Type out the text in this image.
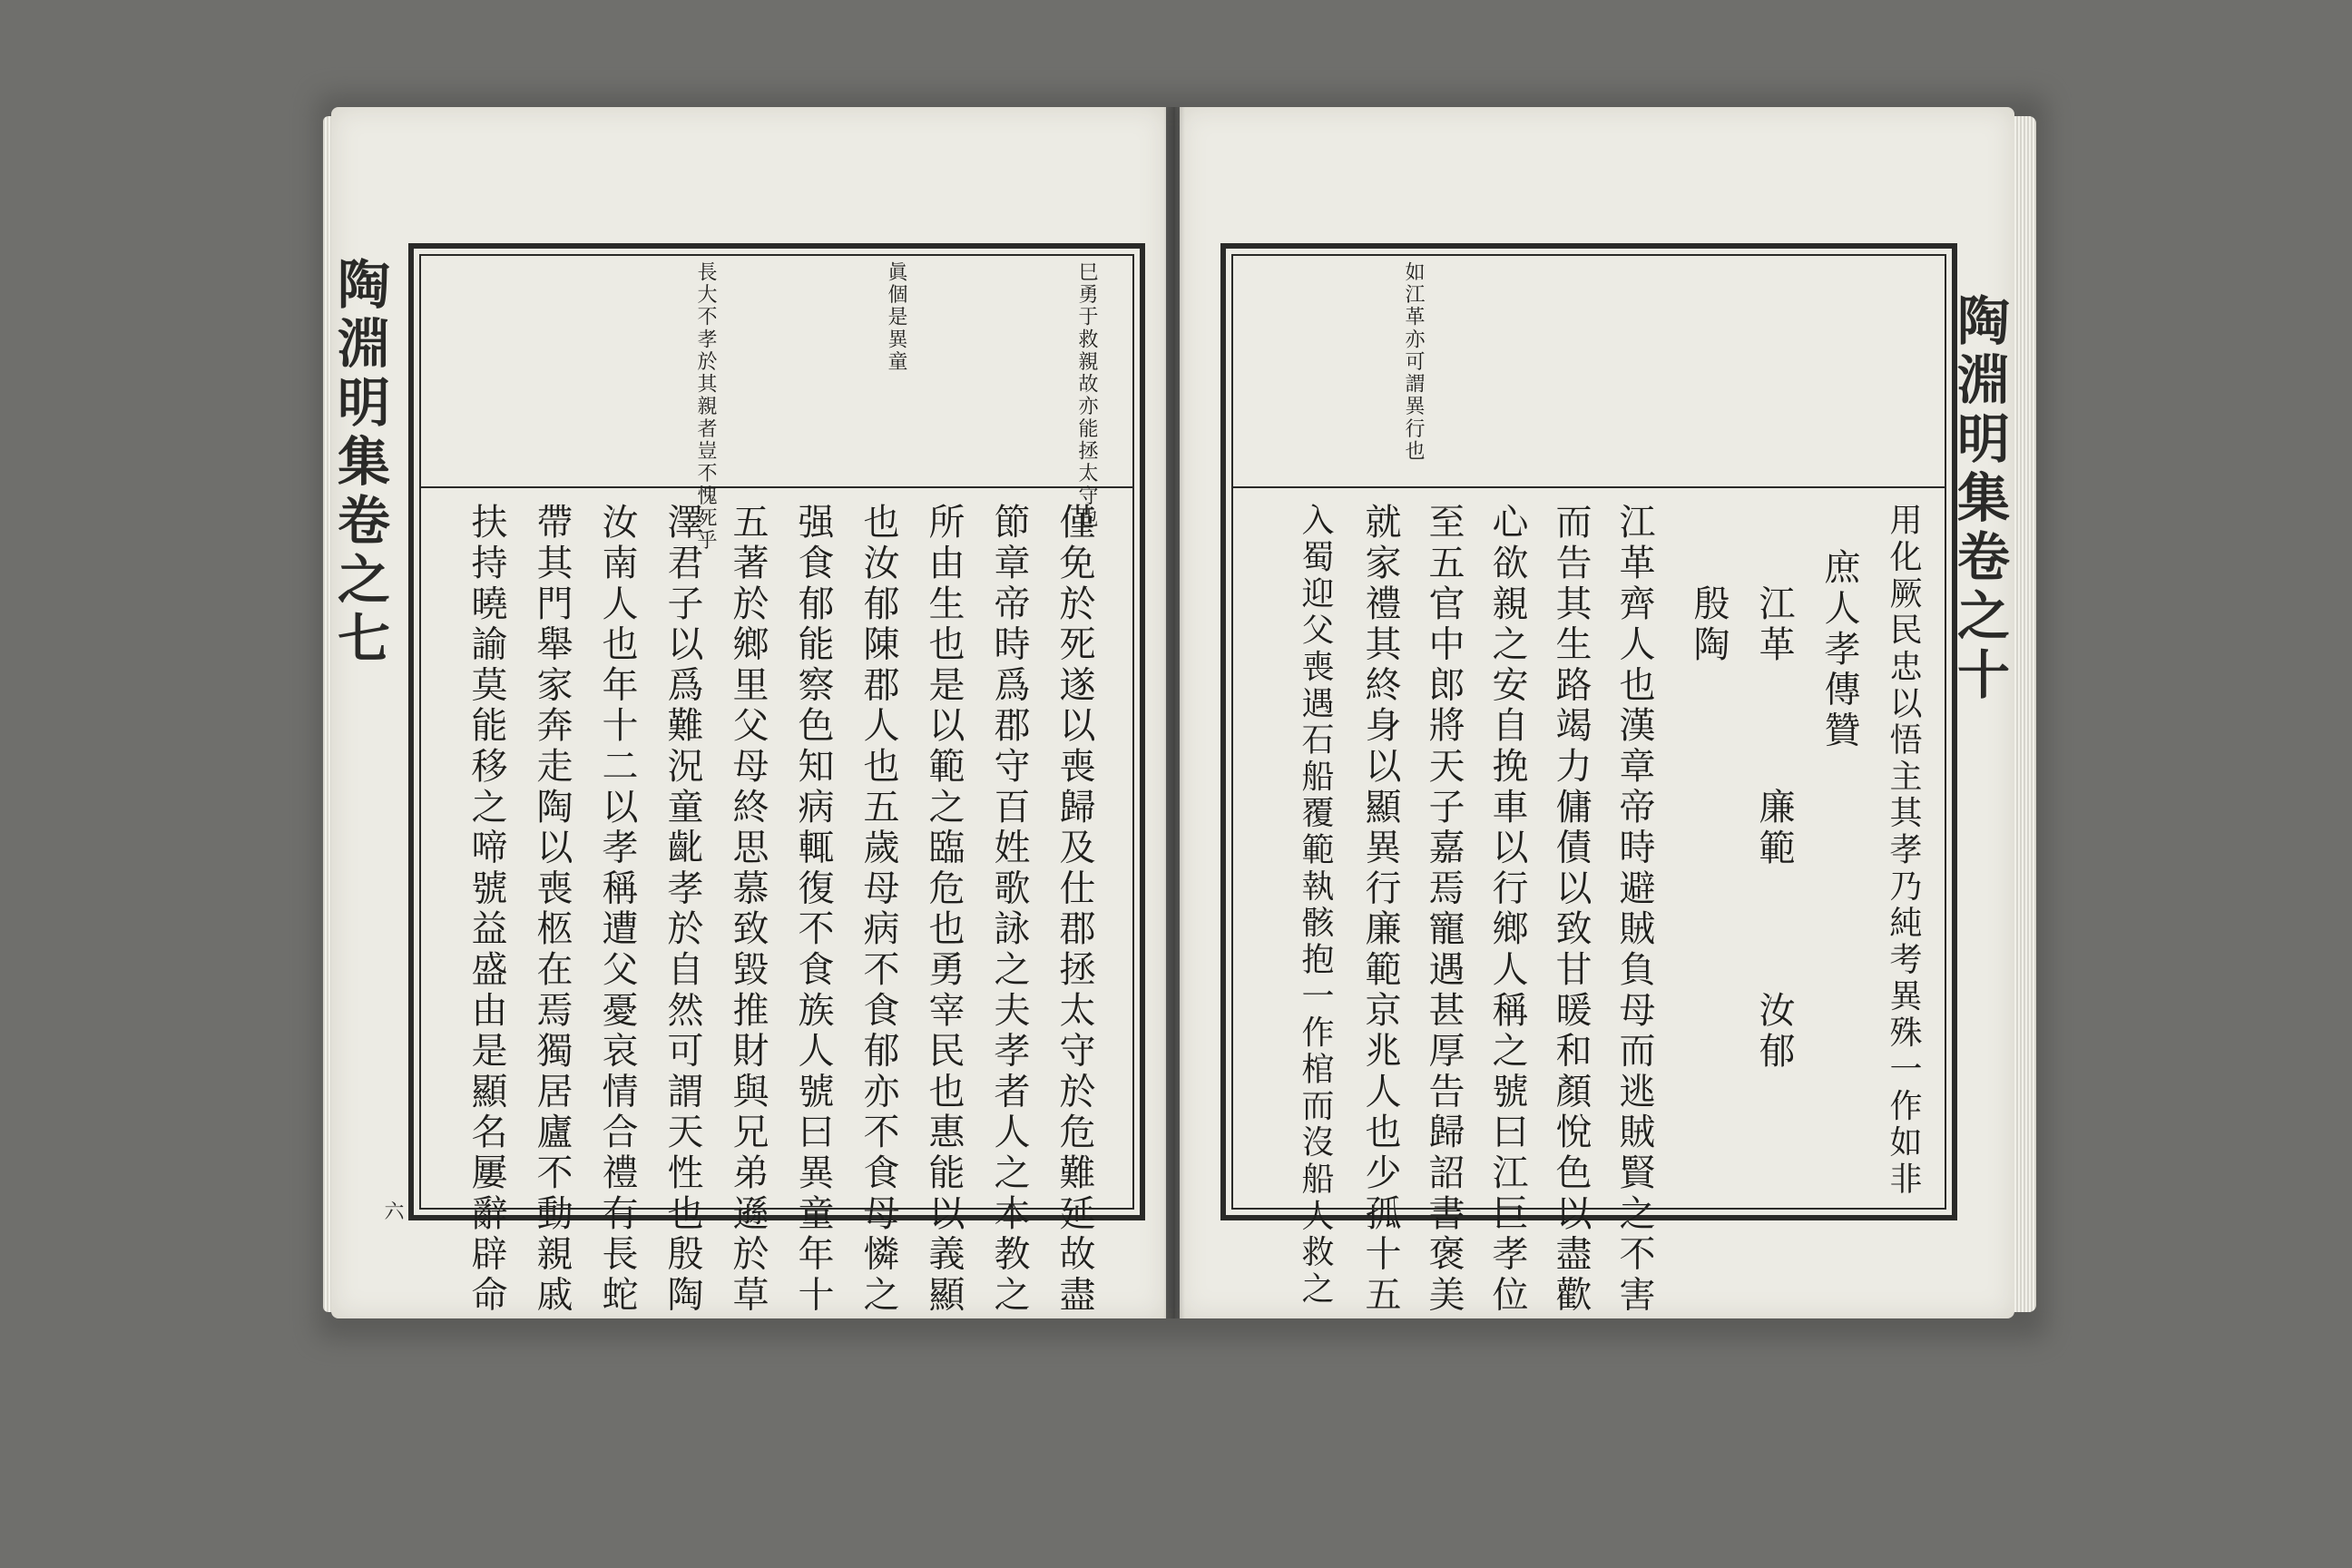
陶淵明集卷之七
六
巳勇于救親故亦能拯太守也
眞個是異童
長大不孝於其親者豈不愧死乎
僅免於死遂以喪歸及仕郡拯太守於危難延故盡
節章帝時爲郡守百姓歌詠之夫孝者人之本教之
所由生也是以範之臨危也勇宰民也惠能以義顯
也汝郁陳郡人也五歲母病不食郁亦不食母憐之
强食郁能察色知病輒復不食族人號曰異童年十
五著於鄉里父母終思慕致毀推財與兄弟遜於草
澤君子以爲難況童齔孝於自然可謂天性也殷陶
汝南人也年十二以孝稱遭父憂哀情合禮有長蛇
帶其門舉家奔走陶以喪柩在焉獨居廬不動親戚
扶持曉諭莫能移之啼號益盛由是顯名屢辭辟命
陶淵明集卷之十
如江革亦可謂異行也
用化厥民忠以悟主其孝乃純考異殊一作如非
庶人孝傳贊
江革　　　廉範　　　汝郁
殷陶
江革齊人也漢章帝時避賊負母而逃賊賢之不害
而告其生路竭力傭債以致甘暖和顏悅色以盡歡
心欲親之安自挽車以行鄉人稱之號曰江巨孝位
至五官中郎將天子嘉焉寵遇甚厚告歸詔書褒美
就家禮其終身以顯異行廉範京兆人也少孤十五
入蜀迎父喪遇石船覆範執骸抱一作棺而沒船人救之
